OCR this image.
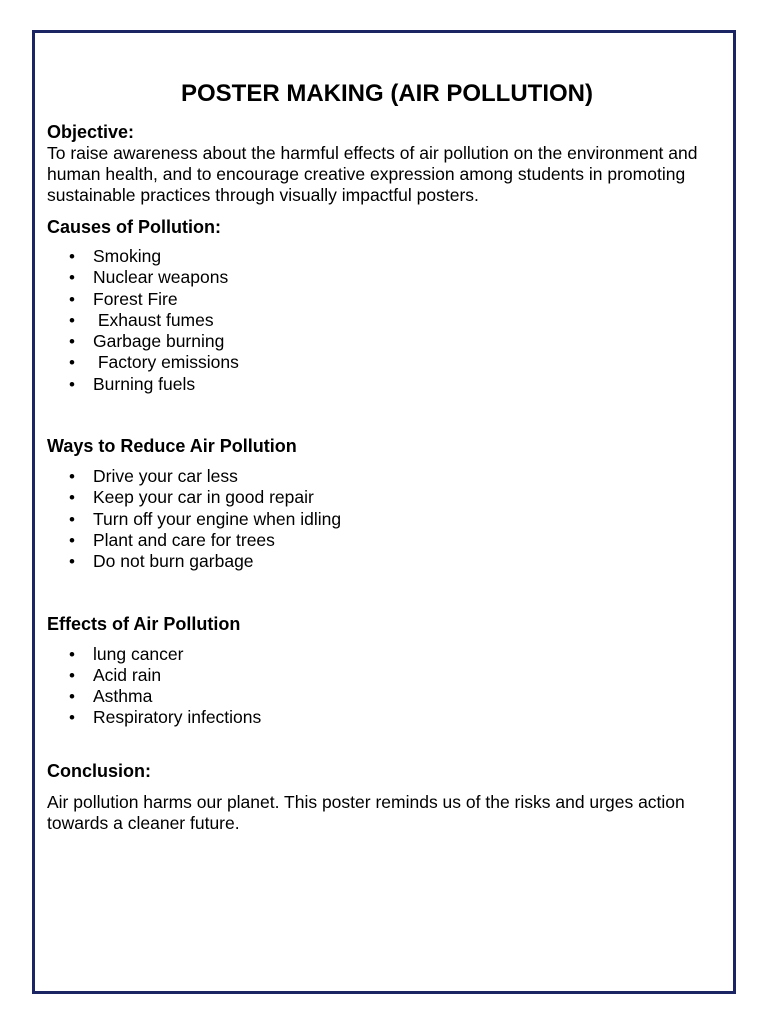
POSTER MAKING (AIR POLLUTION)
Objective:

To raise awareness about the harmful effects of air pollution on the environment and human health, and to encourage creative expression among students in promoting sustainable practices through visually impactful posters.

Causes of Pollution:
• Smoking
• Nuclear weapons
• Forest Fire
• Exhaust fumes
• Garbage burning
• Factory emissions
• Burning fuels
Ways to Reduce Air Pollution
• Drive your car less
• Keep your car in good repair
• Turn off your engine when idling
• Plant and care for trees
• Do not burn garbage
Effects of Air Pollution
• lung cancer
• Acid rain
• Asthma
• Respiratory infections
Conclusion:

Air pollution harms our planet. This poster reminds us of the risks and urges action towards a cleaner future.
